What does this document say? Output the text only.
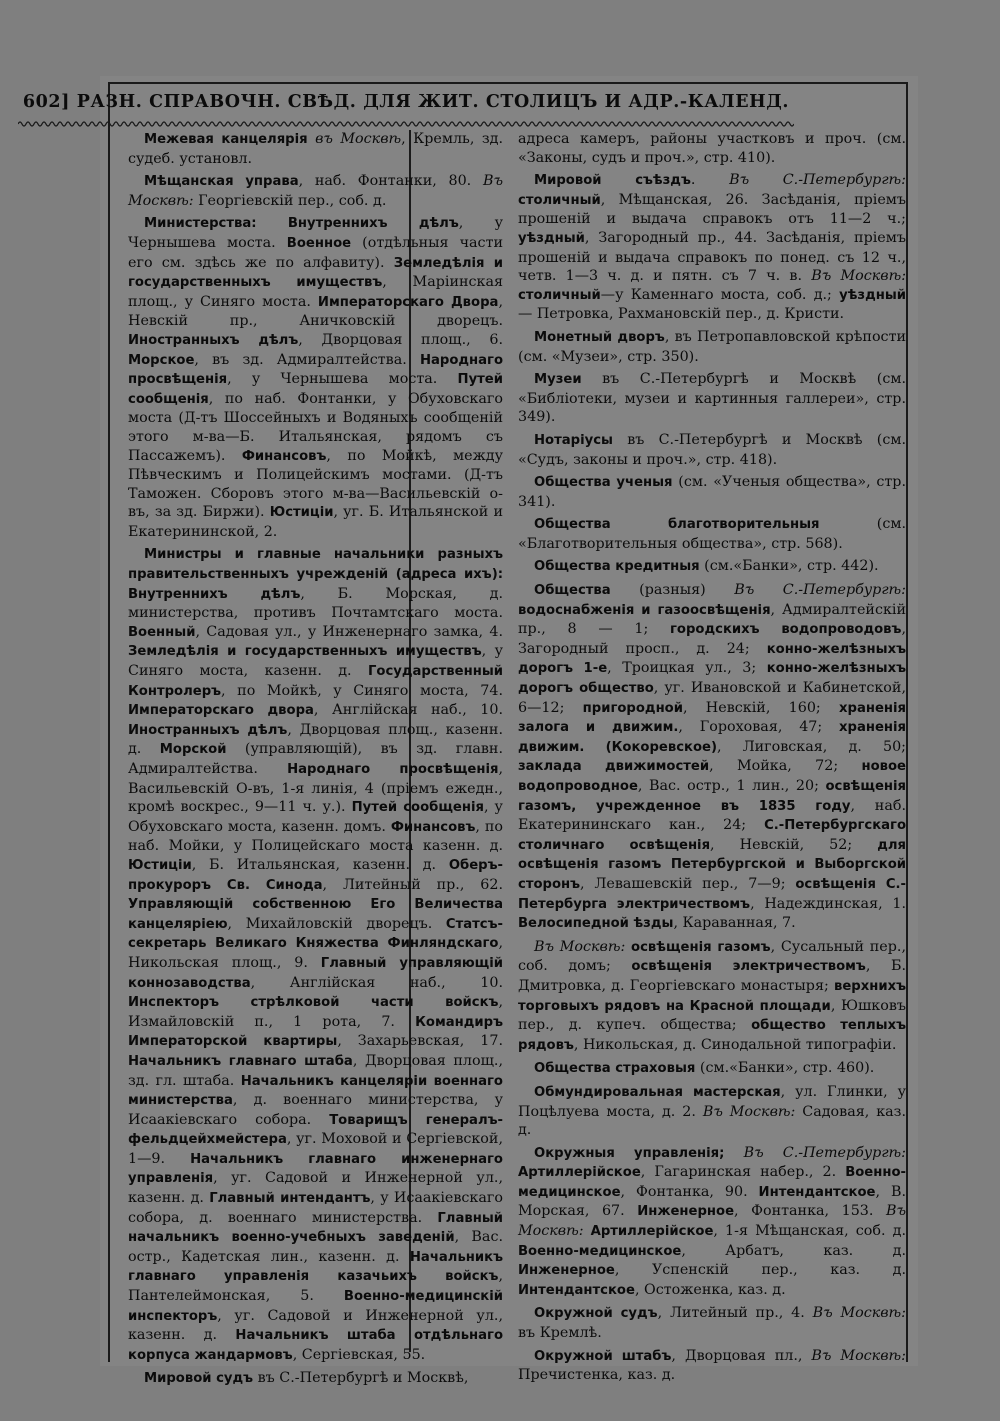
602] РАЗН. СПРАВОЧН. СВѢД. ДЛЯ ЖИТ. СТОЛИЦЪ И АДР.-КАЛЕНД.

Межевая канцелярія въ Москвѣ, Кремль, зд. судеб. установл.

Мѣщанская управа, наб. Фонтанки, 80. Въ Москвѣ: Георгіевскій пер., соб. д.

Министерства: Внутреннихъ дѣлъ, у Чернышева моста. Военное (отдѣльныя части его см. здѣсь же по алфавиту). Земледѣлія и государственныхъ имуществъ, Маріинская площ., у Синяго моста. Императорскаго Двора, Невскій пр., Аничковскій дворецъ. Иностранныхъ дѣлъ, Дворцовая площ., 6. Морское, въ зд. Адмиралтейства. Народнаго просвѣщенія, у Чернышева моста. Путей сообщенія, по наб. Фонтанки, у Обуховскаго моста (Д-тъ Шоссейныхъ и Водяныхъ сообщеній этого м-ва—Б. Итальянская, рядомъ съ Пассажемъ). Финансовъ, по Мойкѣ, между Пѣвческимъ и Полицейскимъ мостами. (Д-тъ Таможен. Сборовъ этого м-ва—Васильевскій о-въ, за зд. Биржи). Юстиціи, уг. Б. Итальянской и Екатерининской, 2.

Министры и главные начальники разныхъ правительственныхъ учрежденій (адреса ихъ): Внутреннихъ дѣлъ, Б. Морская, д. министерства, противъ Почтамтскаго моста. Военный, Садовая ул., у Инженернаго замка, 4. Земледѣлія и государственныхъ имуществъ, у Синяго моста, казенн. д. Государственный Контролеръ, по Мойкѣ, у Синяго моста, 74. Императорскаго двора, Англійская наб., 10. Иностранныхъ дѣлъ, Дворцовая площ., казенн. д. Морской (управляющій), въ зд. главн. Адмиралтейства. Народнаго просвѣщенія, Васильевскій О-въ, 1-я линія, 4 (пріемъ ежедн., кромѣ воскрес., 9—11 ч. у.). Путей сообщенія, у Обуховскаго моста, казенн. домъ. Финансовъ, по наб. Мойки, у Полицейскаго моста казенн. д. Юстиціи, Б. Итальянская, казенн. д. Оберъ-прокуроръ Св. Синода, Литейный пр., 62. Управляющій собственною Его Величества канцеляріею, Михайловскій дворецъ. Статсъ-секретарь Великаго Княжества Финляндскаго, Никольская площ., 9. Главный управляющій коннозаводства, Англійская наб., 10. Инспекторъ стрѣлковой части войскъ, Измайловскій п., 1 рота, 7. Командиръ Императорской квартиры, Захарьевская, 17. Начальникъ главнаго штаба, Дворцовая площ., зд. гл. штаба. Начальникъ канцеляріи военнаго министерства, д. военнаго министерства, у Исаакіевскаго собора. Товарищъ генералъ-фельдцейхмейстера, уг. Моховой и Сергіевской, 1—9. Начальникъ главнаго инженернаго управленія, уг. Садовой и Инженерной ул., казенн. д. Главный интендантъ, у Исаакіевскаго собора, д. военнаго министерства. Главный начальникъ военно-учебныхъ заведеній, Вас. остр., Кадетская лин., казенн. д. Начальникъ главнаго управленія казачьихъ войскъ, Пантелеймонская, 5. Военно-медицинскій инспекторъ, уг. Садовой и Инженерной ул., казенн. д. Начальникъ штаба отдѣльнаго корпуса жандармовъ, Сергіевская, 55.

Мировой судъ въ С.-Петербургѣ и Москвѣ,

адреса камеръ, районы участковъ и проч. (см. «Законы, судъ и проч.», стр. 410).

Мировой съѣздъ. Въ С.-Петербургѣ: столичный, Мѣщанская, 26. Засѣданія, пріемъ прошеній и выдача справокъ отъ 11—2 ч.; уѣздный, Загородный пр., 44. Засѣданія, пріемъ прошеній и выдача справокъ по понед. съ 12 ч., четв. 1—3 ч. д. и пятн. съ 7 ч. в. Въ Москвѣ: столичный—у Каменнаго моста, соб. д.; уѣздный — Петровка, Рахмановскій пер., д. Кристи.

Монетный дворъ, въ Петропавловской крѣпости (см. «Музеи», стр. 350).

Музеи въ С.-Петербургѣ и Москвѣ (см. «Библіотеки, музеи и картинныя галлереи», стр. 349).

Нотаріусы въ С.-Петербургѣ и Москвѣ (см. «Судъ, законы и проч.», стр. 418).

Общества ученыя (см. «Ученыя общества», стр. 341).

Общества благотворительныя (см. «Благотворительныя общества», стр. 568).

Общества кредитныя (см.«Банки», стр. 442).

Общества (разныя) Въ С.-Петербургѣ: водоснабженія и газоосвѣщенія, Адмиралтейскій пр., 8 — 1; городскихъ водопроводовъ, Загородный просп., д. 24; конно-желѣзныхъ дорогъ 1-е, Троицкая ул., 3; конно-желѣзныхъ дорогъ общество, уг. Ивановской и Кабинетской, 6—12; пригородной, Невскій, 160; храненія залога и движим., Гороховая, 47; храненія движим. (Кокоревское), Лиговская, д. 50; заклада движимостей, Мойка, 72; новое водопроводное, Вас. остр., 1 лин., 20; освѣщенія газомъ, учрежденное въ 1835 году, наб. Екатерининскаго кан., 24; С.-Петербургскаго столичнаго освѣщенія, Невскій, 52; для освѣщенія газомъ Петербургской и Выборгской сторонъ, Левашевскій пер., 7—9; освѣщенія С.-Петербурга электричествомъ, Надеждинская, 1. Велосипедной ѣзды, Караванная, 7.

Въ Москвѣ: освѣщенія газомъ, Сусальный пер., соб. домъ; освѣщенія электричествомъ, Б. Дмитровка, д. Георгіевскаго монастыря; верхнихъ торговыхъ рядовъ на Красной площади, Юшковъ пер., д. купеч. общества; общество теплыхъ рядовъ, Никольская, д. Синодальной типографіи.

Общества страховыя (см.«Банки», стр. 460).

Обмундировальная мастерская, ул. Глинки, у Поцѣлуева моста, д. 2. Въ Москвѣ: Садовая, каз. д.

Окружныя управленія; Въ С.-Петербургѣ: Артиллерійское, Гагаринская набер., 2. Военно-медицинское, Фонтанка, 90. Интендантское, В. Морская, 67. Инженерное, Фонтанка, 153. Въ Москвѣ: Артиллерійское, 1-я Мѣщанская, соб. д. Военно-медицинское, Арбатъ, каз. д. Инженерное, Успенскій пер., каз. д. Интендантское, Остоженка, каз. д.

Окружной судъ, Литейный пр., 4. Въ Москвѣ: въ Кремлѣ.

Окружной штабъ, Дворцовая пл., Въ Москвѣ: Пречистенка, каз. д.
